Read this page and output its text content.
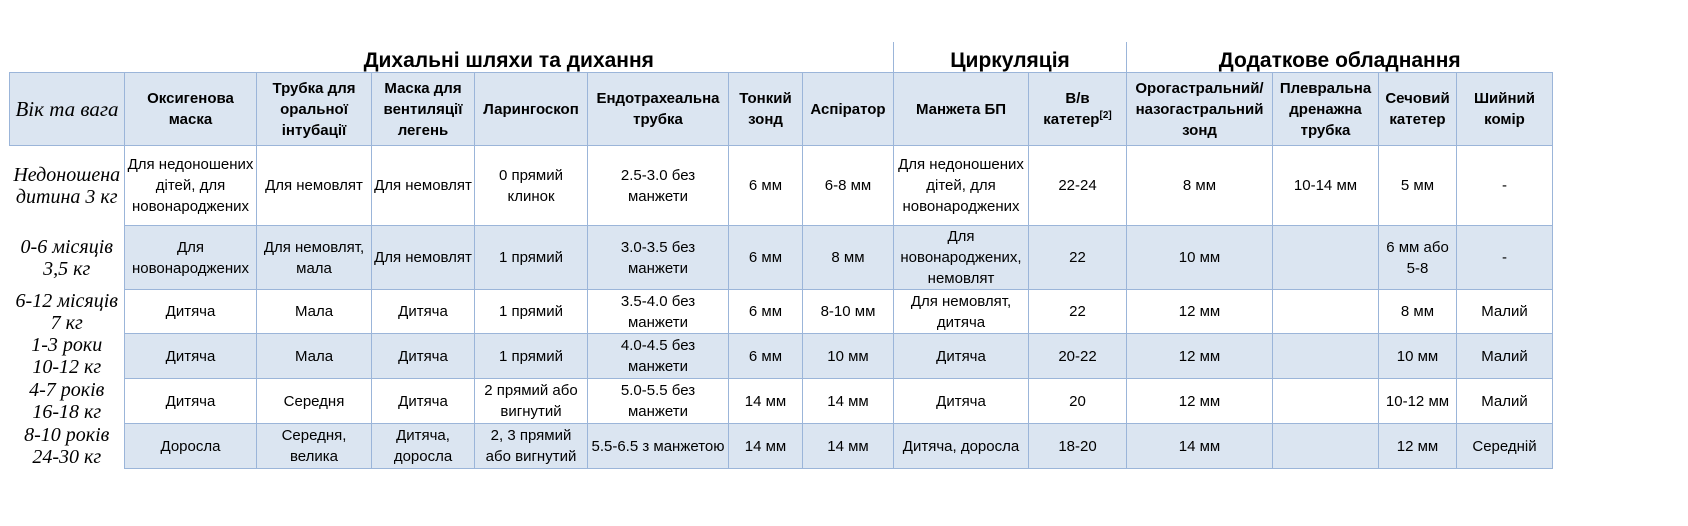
	Дихальні шляхи та дихання							Циркуляція		Додаткове обладнання			
Вік та вага	Оксигенова маска	Трубка для оральної інтубації	Маска для вентиляції легень	Ларингоскоп	Ендотрахеальна трубка	Тонкий зонд	Аспіратор	Манжета БП	В/в катетер[2]	Орогастральний/ назогастральний зонд	Плевральна дренажна трубка	Сечовий катетер	Шийний комір

Недоношена
дитина 3 кг	Для недоношених дітей, для новонароджених	Для немовлят	Для немовлят	0 прямий клинок	2.5-3.0 без манжети	6 мм	6-8 мм	Для недоношених дітей, для новонароджених	22-24	8 мм	10-14 мм	5 мм	-

0-6 місяців
3,5 кг	Для новонароджених	Для немовлят, мала	Для немовлят	1 прямий	3.0-3.5 без манжети	6 мм	8 мм	Для новонароджених, немовлят	22	10 мм		6 мм або 5-8	-

6-12 місяців
7 кг	Дитяча	Мала	Дитяча	1 прямий	3.5-4.0 без манжети	6 мм	8-10 мм	Для немовлят, дитяча	22	12 мм		8 мм	Малий

1-3 роки
10-12 кг	Дитяча	Мала	Дитяча	1 прямий	4.0-4.5 без манжети	6 мм	10 мм	Дитяча	20-22	12 мм		10 мм	Малий

4-7 років
16-18 кг	Дитяча	Середня	Дитяча	2 прямий або вигнутий	5.0-5.5 без манжети	14 мм	14 мм	Дитяча	20	12 мм		10-12 мм	Малий

8-10 років
24-30 кг	Доросла	Середня, велика	Дитяча, доросла	2, 3 прямий або вигнутий	5.5-6.5 з манжетою	14 мм	14 мм	Дитяча, доросла	18-20	14 мм		12 мм	Середній
